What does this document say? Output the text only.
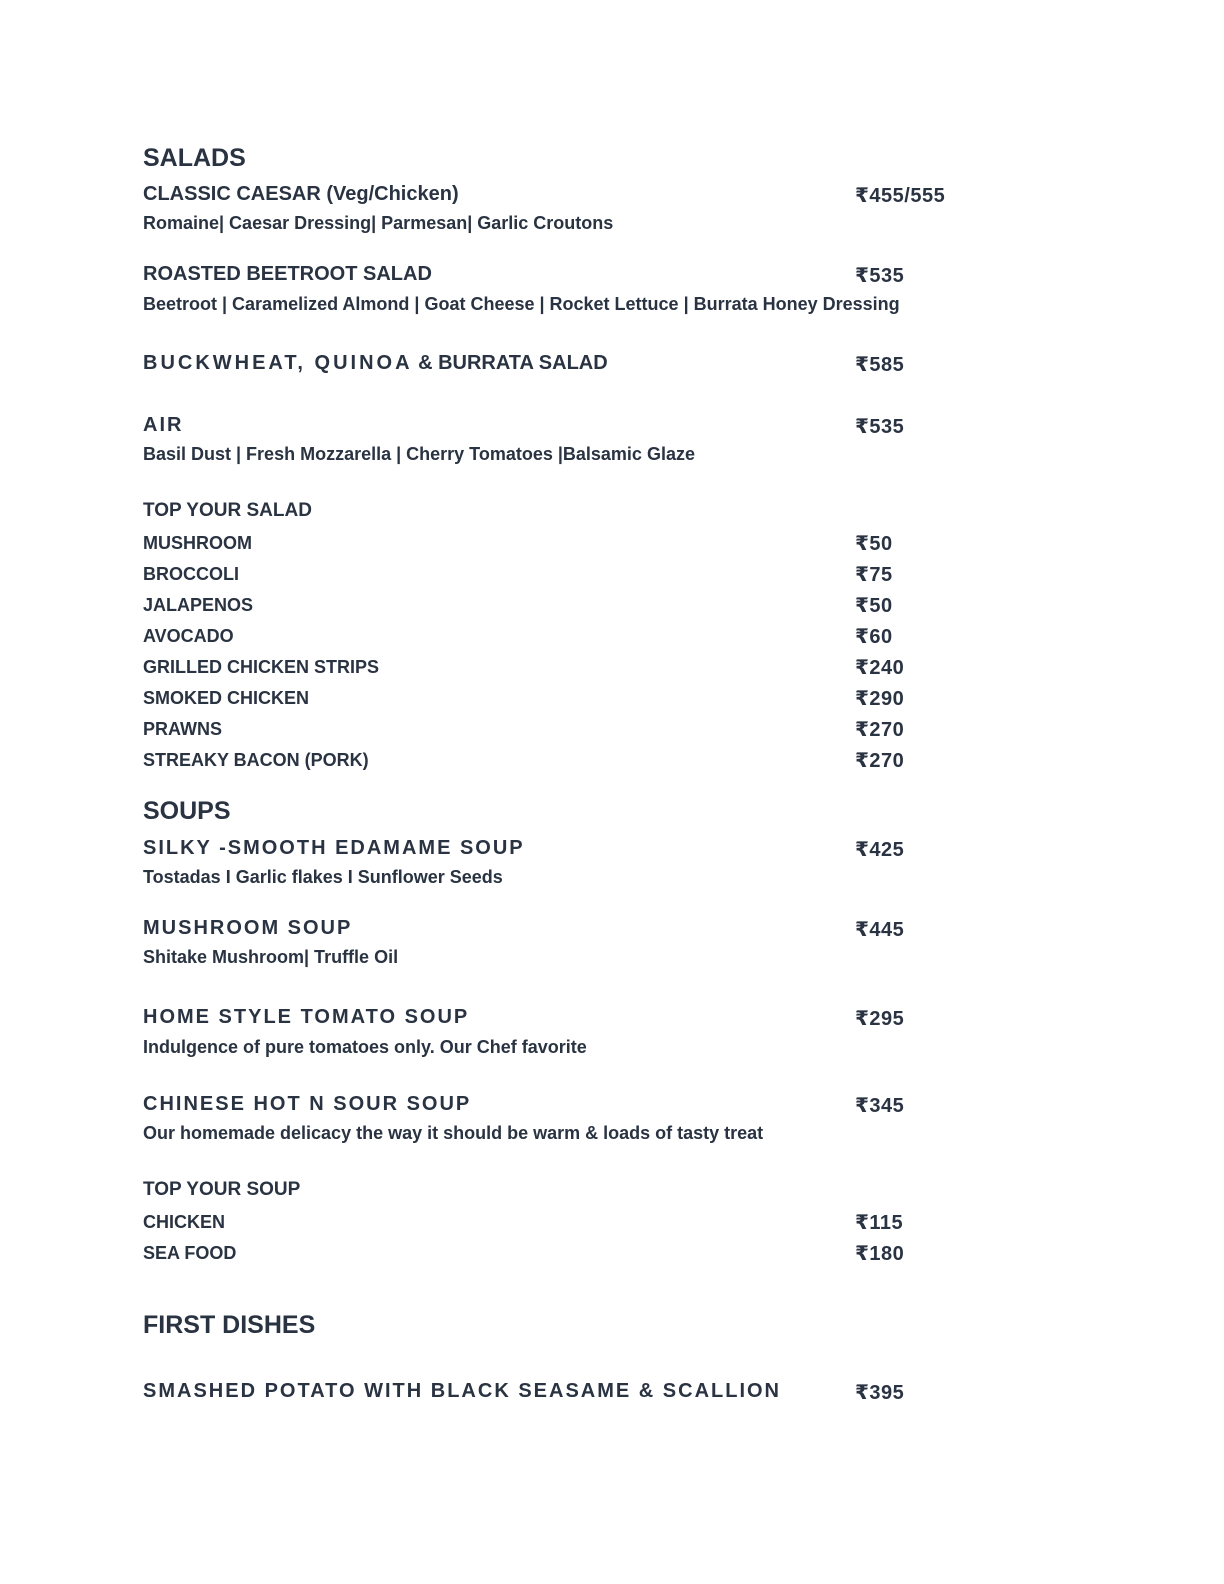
SALADS
CLASSIC CAESAR (Veg/Chicken)	₹455/555
Romaine| Caesar Dressing| Parmesan| Garlic Croutons
ROASTED BEETROOT SALAD	₹535
Beetroot | Caramelized Almond | Goat Cheese | Rocket Lettuce | Burrata Honey Dressing
BUCKWHEAT, QUINOA & BURRATA SALAD	₹585
AIR	₹535
Basil Dust | Fresh Mozzarella | Cherry Tomatoes |Balsamic Glaze
TOP YOUR SALAD
MUSHROOM	₹50
BROCCOLI	₹75
JALAPENOS	₹50
AVOCADO	₹60
GRILLED CHICKEN STRIPS	₹240
SMOKED CHICKEN	₹290
PRAWNS	₹270
STREAKY BACON (PORK)	₹270
SOUPS
SILKY -SMOOTH EDAMAME SOUP	₹425
Tostadas I Garlic flakes I Sunflower Seeds
MUSHROOM SOUP	₹445
Shitake Mushroom| Truffle Oil
HOME STYLE TOMATO SOUP	₹295
Indulgence of pure tomatoes only. Our Chef favorite
CHINESE HOT N SOUR SOUP	₹345
Our homemade delicacy the way it should be warm & loads of tasty treat
TOP YOUR SOUP
CHICKEN	₹115
SEA FOOD	₹180
FIRST DISHES
SMASHED POTATO WITH BLACK SEASAME & SCALLION	₹395
